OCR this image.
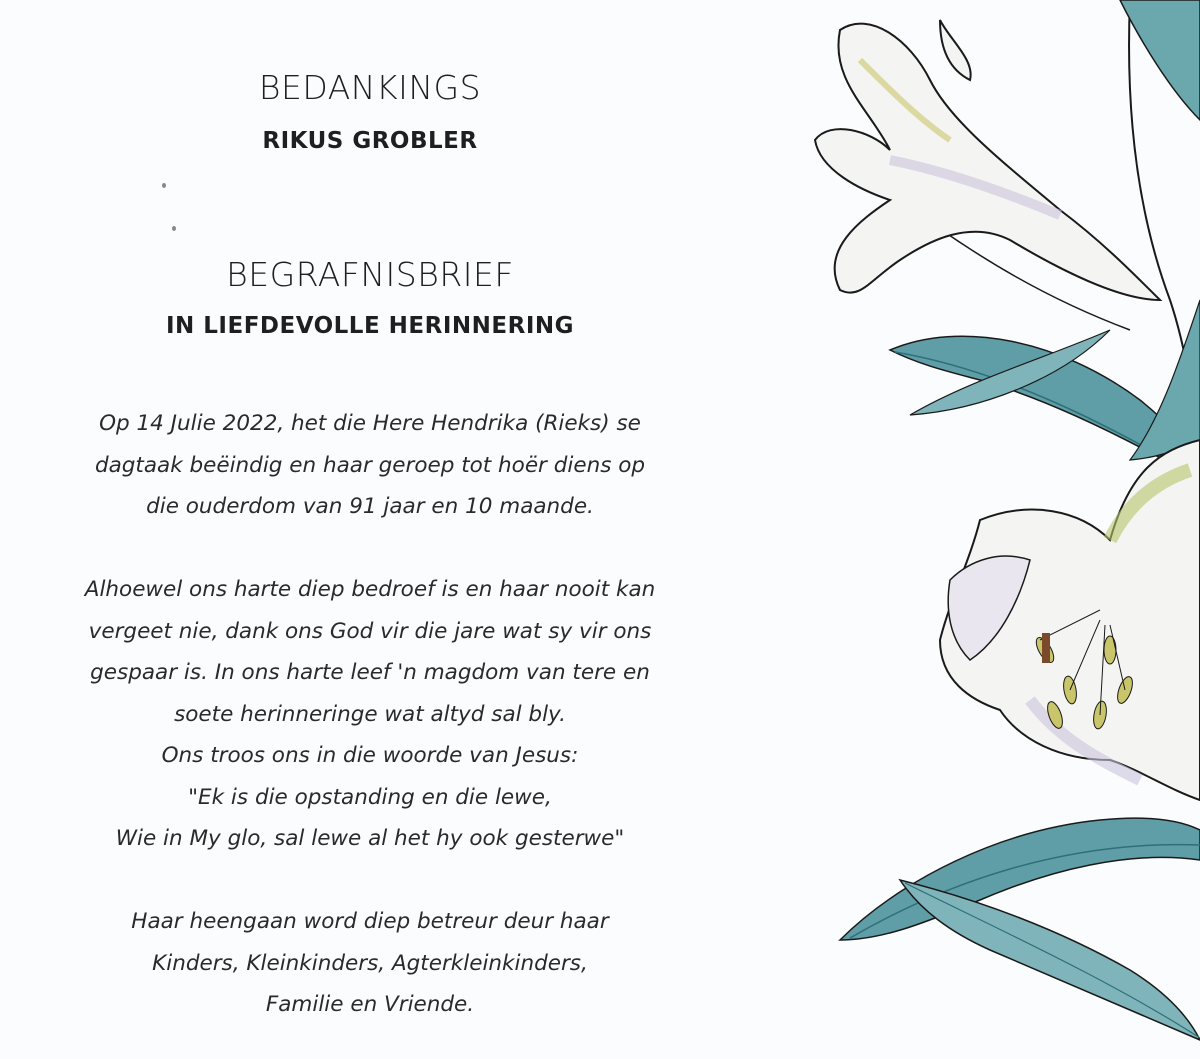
BEDANKINGS
RIKUS GROBLER
BEGRAFNISBRIEF
IN LIEFDEVOLLE HERINNERING
Op 14 Julie 2022, het die Here Hendrika (Rieks) se
dagtaak beëindig en haar geroep tot hoër diens op
die ouderdom van 91 jaar en 10 maande.
Alhoewel ons harte diep bedroef is en haar nooit kan
vergeet nie, dank ons God vir die jare wat sy vir ons
gespaar is. In ons harte leef 'n magdom van tere en
soete herinneringe wat altyd sal bly.
Ons troos ons in die woorde van Jesus:
"Ek is die opstanding en die lewe,
Wie in My glo, sal lewe al het hy ook gesterwe"
Haar heengaan word diep betreur deur haar
Kinders, Kleinkinders, Agterkleinkinders,
Familie en Vriende.
